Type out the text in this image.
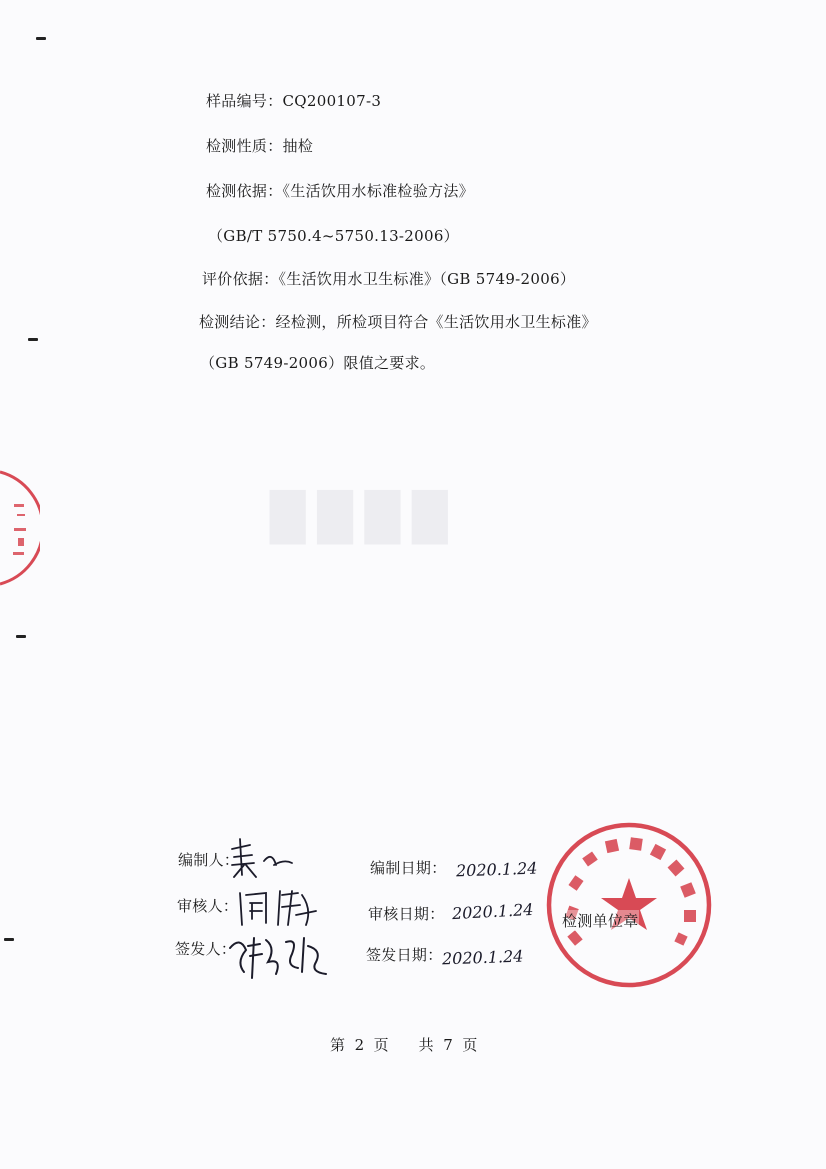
████
样品编号：CQ200107-3
检测性质：抽检
检测依据：《生活饮用水标准检验方法》
（GB/T 5750.4~5750.13-2006）
评价依据：《生活饮用水卫生标准》（GB 5749-2006）
检测结论：经检测，所检项目符合《生活饮用水卫生标准》
（GB 5749-2006）限值之要求。
编制人：
审核人：
签发人：
编制日期：
审核日期：
签发日期：
2020.1.24
2020.1.24
2020.1.24
检测单位章
第 2 页　　共 7 页
